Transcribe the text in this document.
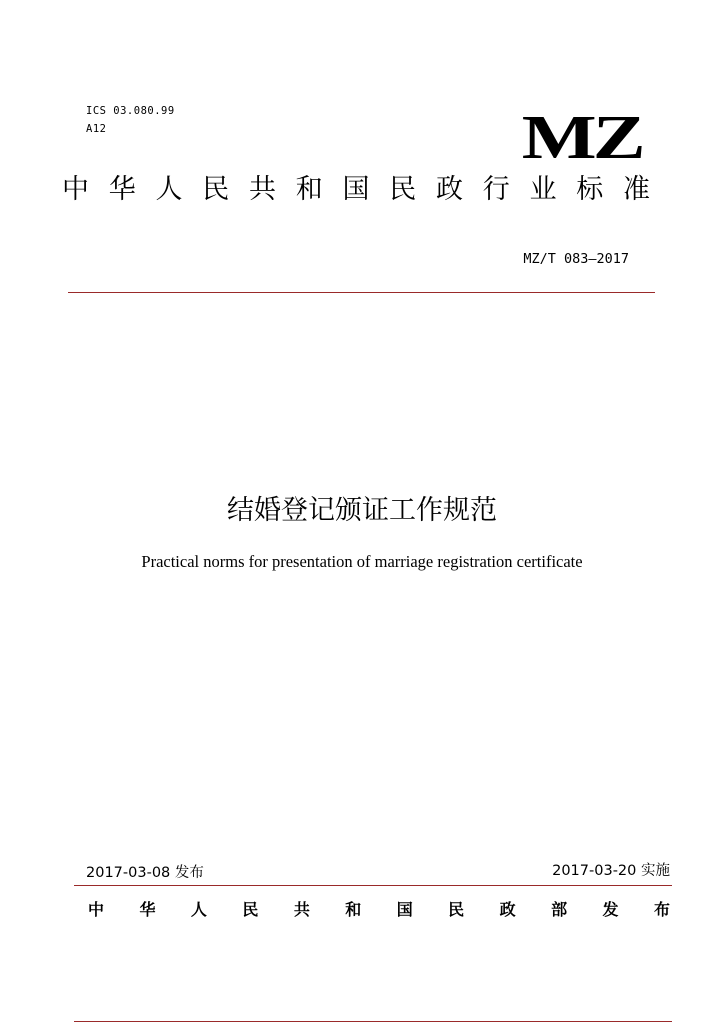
ICS 03.080.99
A12	MZ
中 华 人 民 共 和 国 民 政 行 业 标 准
MZ/T 083—2017
结婚登记颁证工作规范
Practical norms for presentation of marriage registration certificate
2017-03-08 发布	2017-03-20 实施
中 华 人 民 共 和 国 民 政 部 发 布
